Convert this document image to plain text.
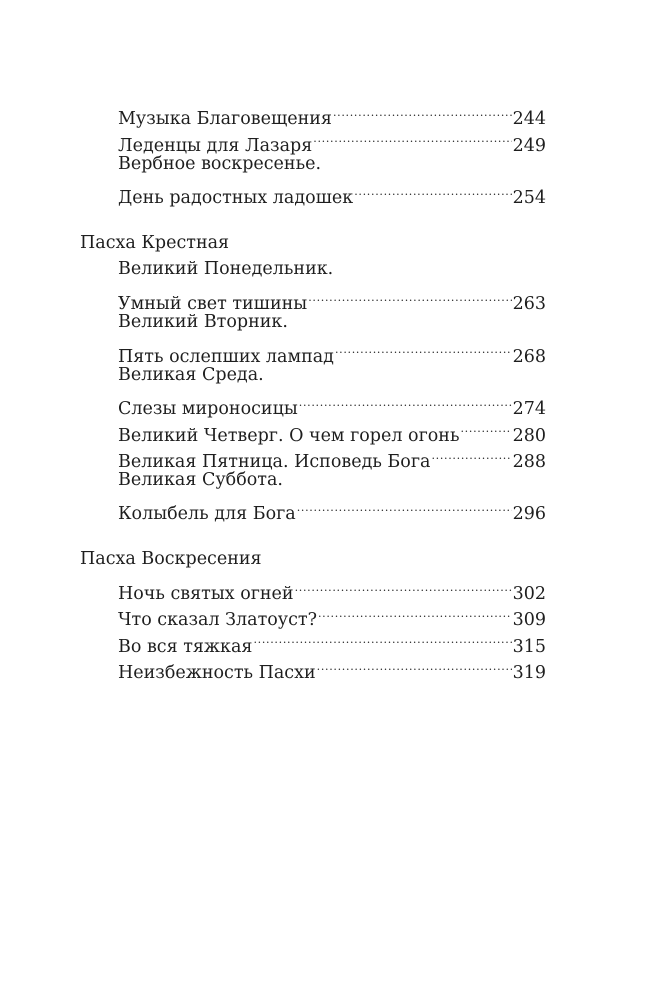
Музыка Благовещения .....	244
Леденцы для Лазаря .....	249
Вербное воскресенье.
День радостных ладошек .....	254
Пасха Крестная
Великий Понедельник.
Умный свет тишины .....	263
Великий Вторник.
Пять ослепших лампад .....	268
Великая Среда.
Слезы мироносицы .....	274
Великий Четверг. О чем горел огонь .....	280
Великая Пятница. Исповедь Бога .....	288
Великая Суббота.
Колыбель для Бога .....	296
Пасха Воскресения
Ночь святых огней .....	302
Что сказал Златоуст? .....	309
Во вся тяжкая .....	315
Неизбежность Пасхи .....	319
